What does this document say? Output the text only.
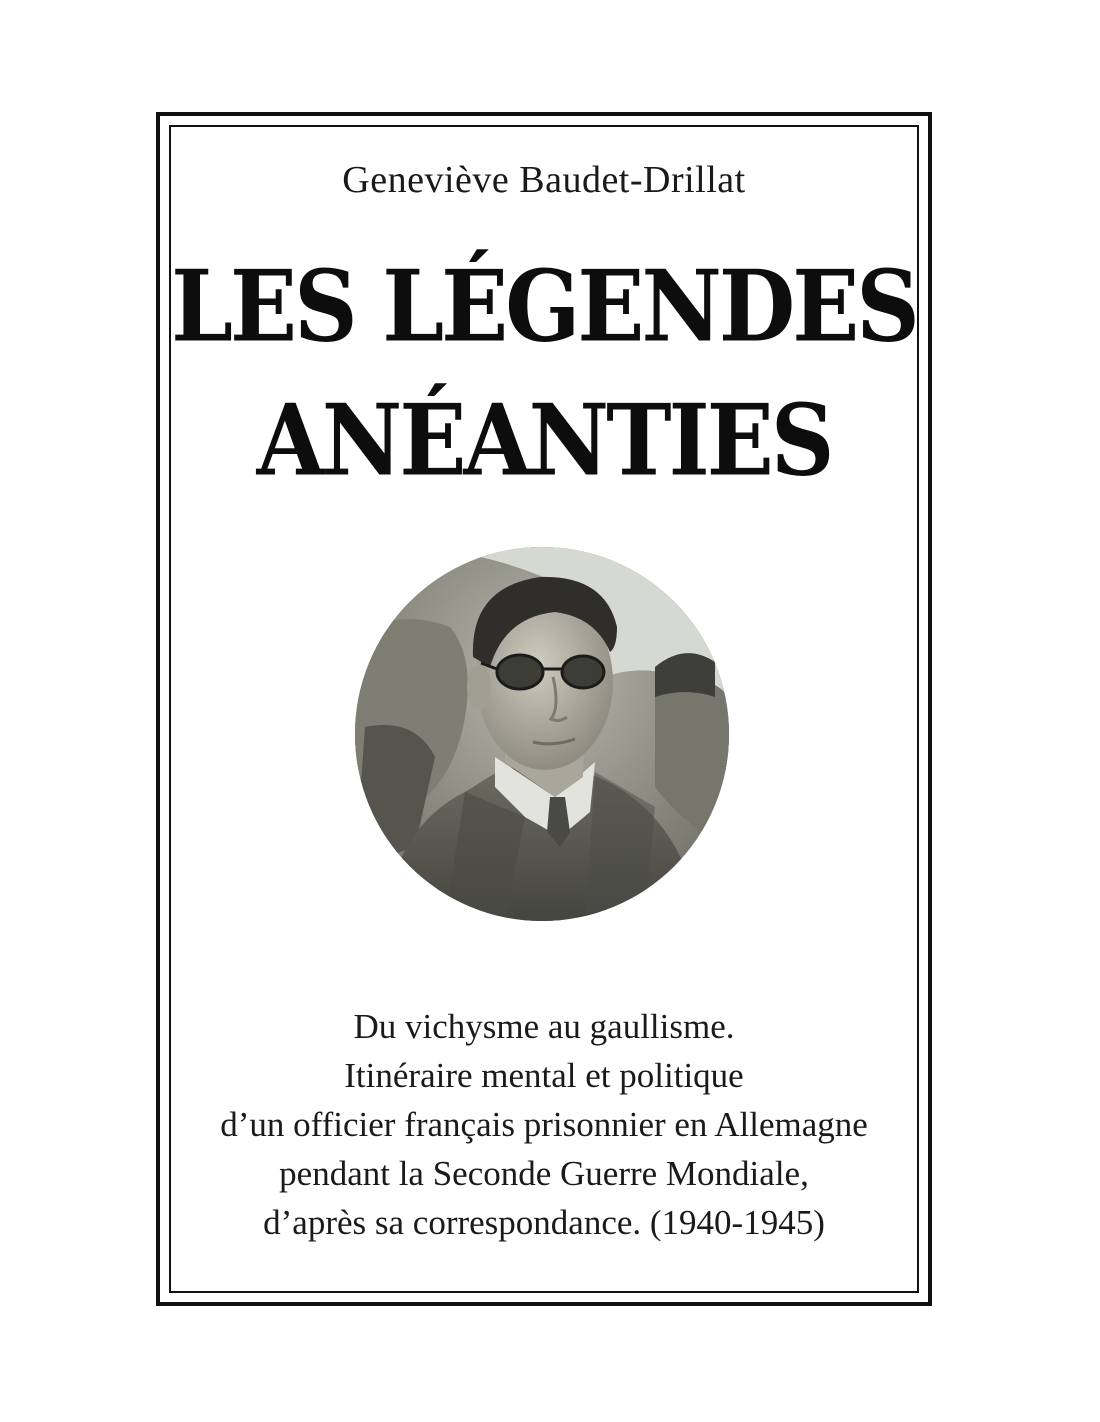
Geneviève Baudet-Drillat
LES LÉGENDES
ANÉANTIES
Du vichysme au gaullisme.
Itinéraire mental et politique
d’un officier français prisonnier en Allemagne
pendant la Seconde Guerre Mondiale,
d’après sa correspondance. (1940-1945)
